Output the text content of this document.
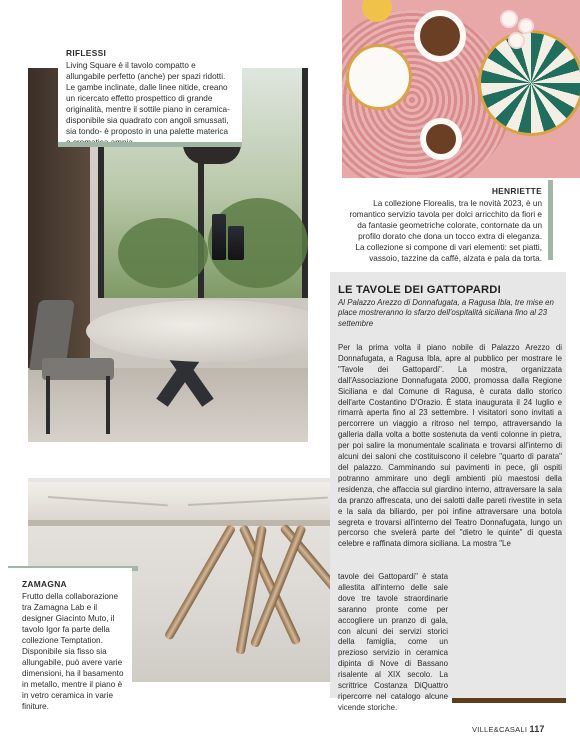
RIFLESSI
Living Square è il tavolo compatto e allungabile perfetto (anche) per spazi ridotti. Le gambe inclinate, dalle linee nitide, creano un ricercato effetto prospettico di grande originalità, mentre il sottile piano in ceramica- disponibile sia quadrato con angoli smussati, sia tondo- è proposto in una palette materica
HENRIETTE
La collezione Florealis, tra le novità 2023, è un romantico servizio tavola per dolci arricchito da fiori e da fantasie geometriche colorate, contornate da un profilo dorato che dona un tocco extra di eleganza. La collezione si compone di vari elementi: set piatti, vassoio, tazzine da caffè, alzata e pala da torta.
ZAMAGNA
Frutto della collaborazione tra Zamagna Lab e il designer Giacinto Muto, il tavolo Igor fa parte della collezione Temptation. Disponibile sia fisso sia allungabile, può avere varie dimensioni, ha il basamento in metallo, mentre il piano è in vetro ceramica in varie finiture.
LE TAVOLE DEI GATTOPARDI
Al Palazzo Arezzo di Donnafugata, a Ragusa Ibla, tre mise en place mostreranno lo sfarzo dell'ospitalità siciliana fino al 23 settembre
Per la prima volta il piano nobile di Palazzo Arezzo di Donnafugata, a Ragusa Ibla, apre al pubblico per mostrare le "Tavole dei Gattopardi". La mostra, organizzata dall'Associazione Donnafugata 2000, promossa dalla Regione Siciliana e dal Comune di Ragusa, è curata dallo storico dell'arte Costantino D'Orazio. È stata inaugurata il 24 luglio e rimarrà aperta fino al 23 settembre. I visitatori sono invitati a percorrere un viaggio a ritroso nel tempo, attraversando la galleria dalla volta a botte sostenuta da venti colonne in pietra, per poi salire la monumentale scalinata e trovarsi all'interno di alcuni dei saloni che costituiscono il celebre "quarto di parata" del palazzo. Camminando sui pavimenti in pece, gli ospiti potranno ammirare uno degli ambienti più maestosi della residenza, che affaccia sul giardino interno, attraversare la sala da pranzo affrescata, uno dei salotti dalle pareti rivestite in seta e la sala da biliardo, per poi infine attraversare una botola segreta e trovarsi all'interno del Teatro Donnafugata, lungo un percorso che svelerà parte del "dietro le quinte" di questa celebre e raffinata dimora siciliana. La mostra "Le
tavole dei Gattopardi" è stata allestita all'interno delle sale dove tre tavole straordinarie saranno pronte come per accogliere un pranzo di gala, con alcuni dei servizi storici della famiglia, come un prezioso servizio in ceramica dipinta di Nove di Bassano risalente al XIX secolo. La scrittrice Costanza DiQuattro ripercorre nel catalogo alcune vicende storiche.
VILLE&CASALI 117
